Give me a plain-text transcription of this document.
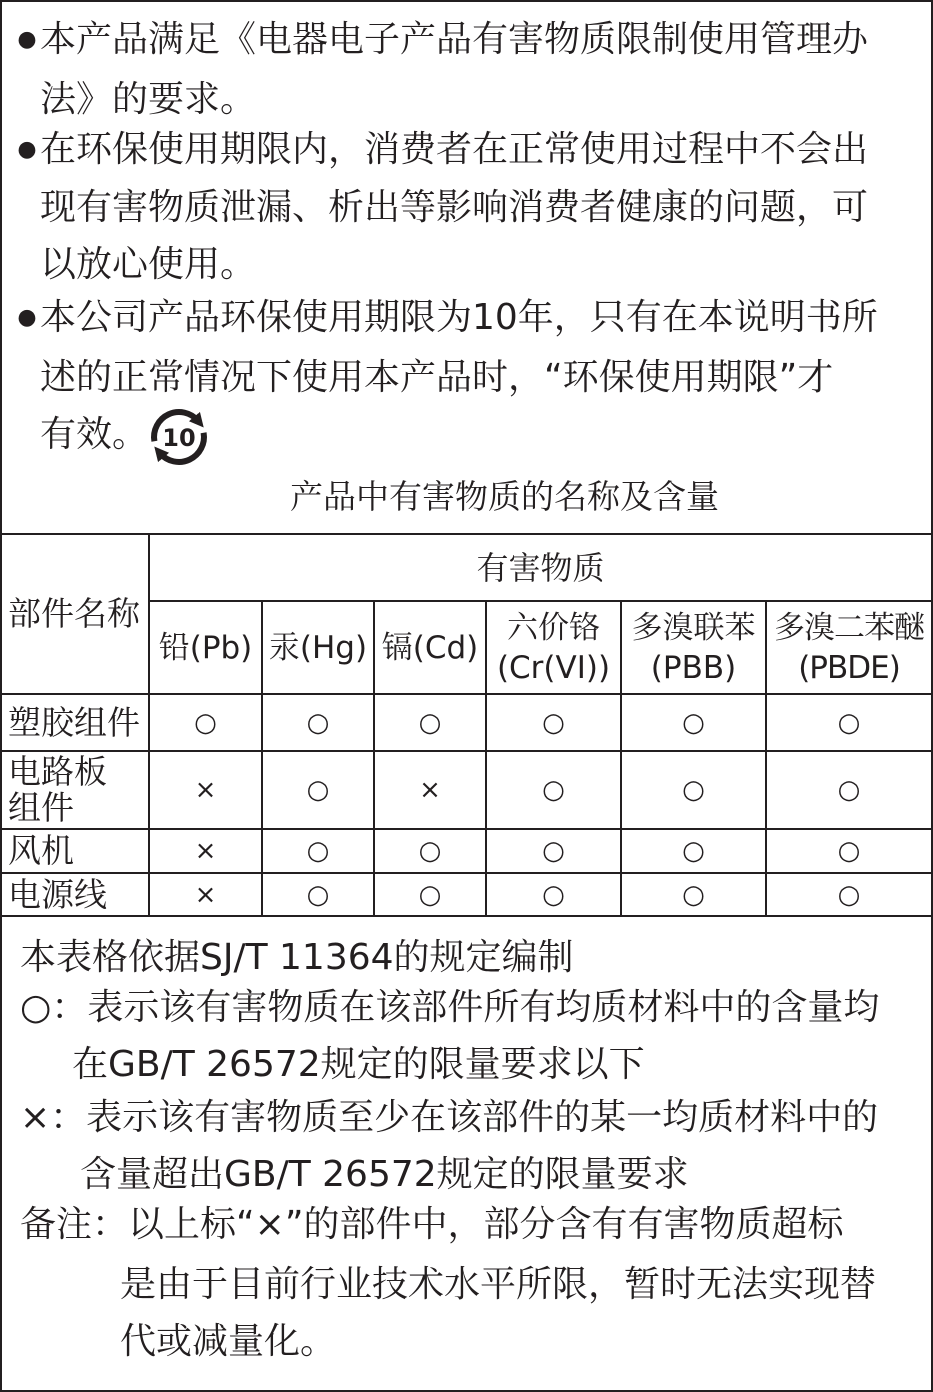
●本产品满足《电器电子产品有害物质限制使用管理办
法》的要求。
●在环保使用期限内，消费者在正常使用过程中不会出
现有害物质泄漏、析出等影响消费者健康的问题，可
以放心使用。
●本公司产品环保使用期限为10年，只有在本说明书所
述的正常情况下使用本产品时，“环保使用期限”才
有效。 10
产品中有害物质的名称及含量
部件名称
有害物质
铅(Pb) 汞(Hg) 镉(Cd)
六价铬
(Cr(VI))
多溴联苯
(PBB)
多溴二苯醚
(PBDE)
塑胶组件	○	○	○	○	○	○
电路板
组件	×	○	×	○	○	○
风机	×	○	○	○	○	○
电源线	×	○	○	○	○	○
本表格依据SJ/T 11364的规定编制
○：表示该有害物质在该部件所有均质材料中的含量均
在GB/T 26572规定的限量要求以下
×：表示该有害物质至少在该部件的某一均质材料中的
含量超出GB/T 26572规定的限量要求
备注：以上标“×”的部件中，部分含有有害物质超标
是由于目前行业技术水平所限，暂时无法实现替
代或减量化。
